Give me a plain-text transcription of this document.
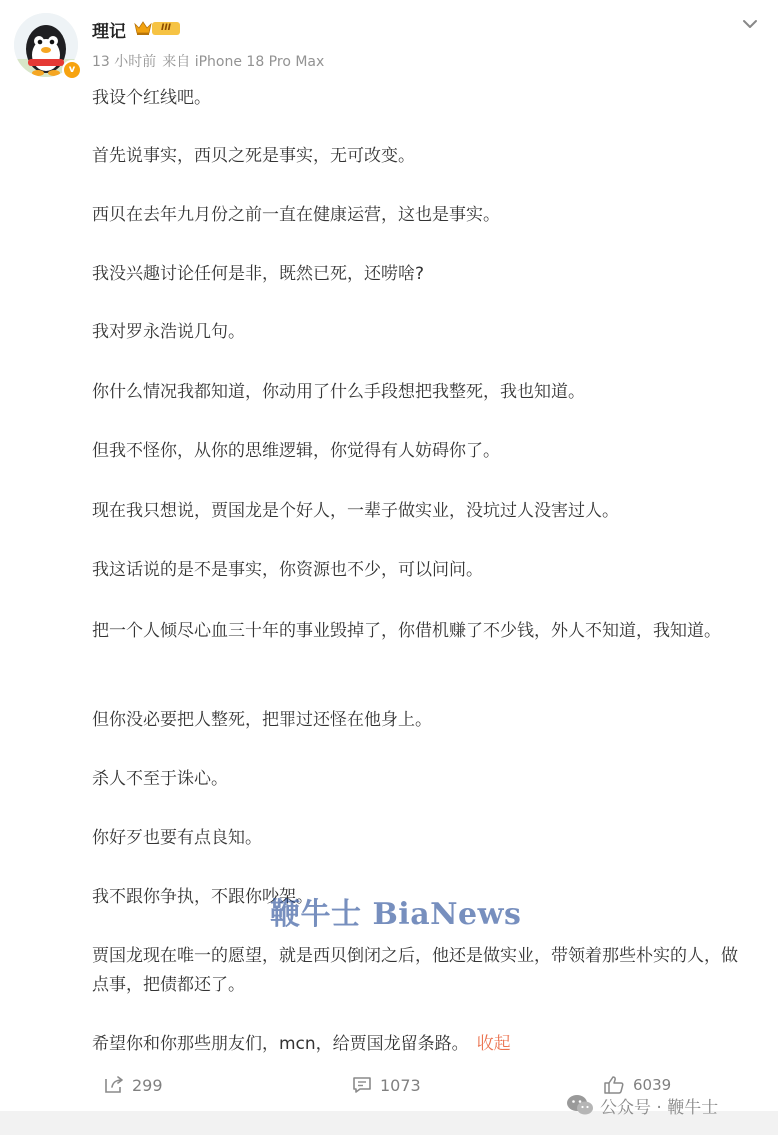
v
理记	III
13 小时前 来自 iPhone 18 Pro Max
我设个红线吧。
首先说事实，西贝之死是事实，无可改变。
西贝在去年九月份之前一直在健康运营，这也是事实。
我没兴趣讨论任何是非，既然已死，还唠啥?
我对罗永浩说几句。
你什么情况我都知道，你动用了什么手段想把我整死，我也知道。
但我不怪你，从你的思维逻辑，你觉得有人妨碍你了。
现在我只想说，贾国龙是个好人，一辈子做实业，没坑过人没害过人。
我这话说的是不是事实，你资源也不少，可以问问。
把一个人倾尽心血三十年的事业毁掉了，你借机赚了不少钱，外人不知道，我知道。
但你没必要把人整死，把罪过还怪在他身上。
杀人不至于诛心。
你好歹也要有点良知。
我不跟你争执，不跟你吵架。
贾国龙现在唯一的愿望，就是西贝倒闭之后，他还是做实业，带领着那些朴实的人，做点事，把债都还了。
希望你和你那些朋友们，mcn，给贾国龙留条路。 收起
鞭牛士 BiaNews
299	1073	6039
公众号 · 鞭牛士
